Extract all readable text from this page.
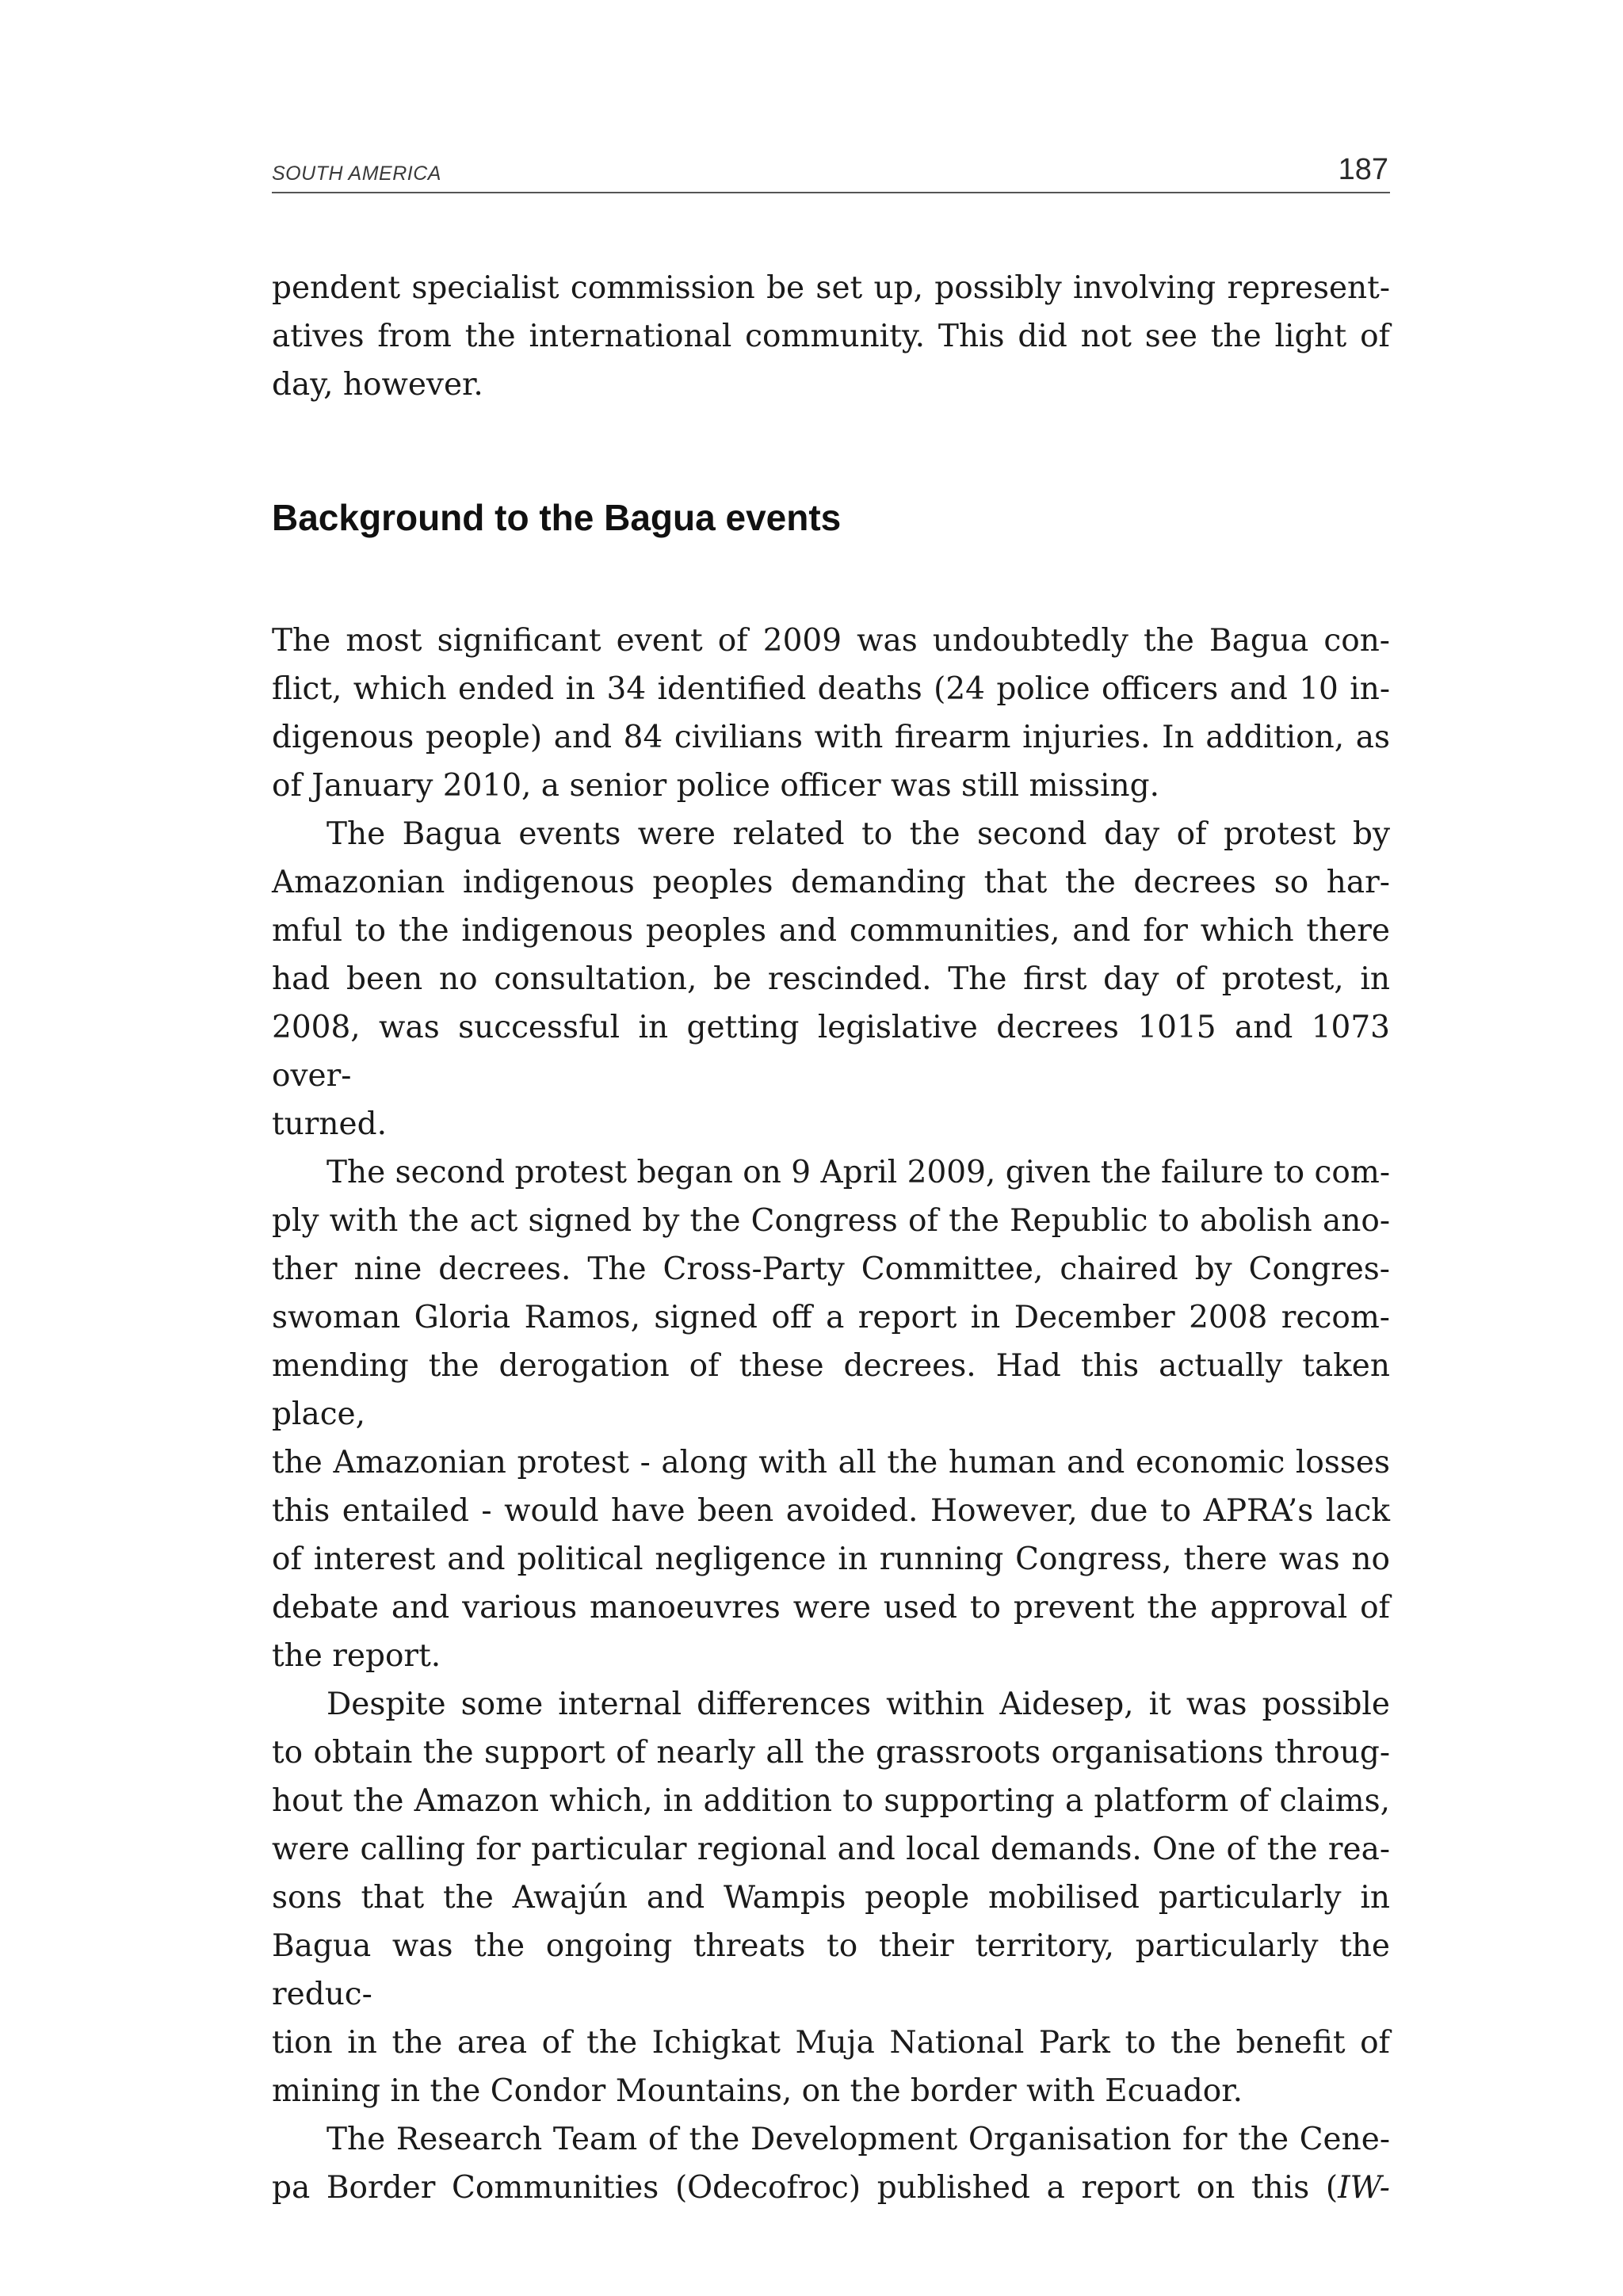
SOUTH AMERICA	187

pendent specialist commission be set up, possibly involving represent-
atives from the international community. This did not see the light of
day, however.

Background to the Bagua events

The most significant event of 2009 was undoubtedly the Bagua con-
flict, which ended in 34 identified deaths (24 police officers and 10 in-
digenous people) and 84 civilians with firearm injuries. In addition, as
of January 2010, a senior police officer was still missing.

The Bagua events were related to the second day of protest by
Amazonian indigenous peoples demanding that the decrees so har-
mful to the indigenous peoples and communities, and for which there
had been no consultation, be rescinded. The first day of protest, in
2008, was successful in getting legislative decrees 1015 and 1073 over-
turned.

The second protest began on 9 April 2009, given the failure to com-
ply with the act signed by the Congress of the Republic to abolish ano-
ther nine decrees. The Cross-Party Committee, chaired by Congres-
swoman Gloria Ramos, signed off a report in December 2008 recom-
mending the derogation of these decrees. Had this actually taken place,
the Amazonian protest - along with all the human and economic losses
this entailed - would have been avoided. However, due to APRA’s lack
of interest and political negligence in running Congress, there was no
debate and various manoeuvres were used to prevent the approval of
the report.

Despite some internal differences within Aidesep, it was possible
to obtain the support of nearly all the grassroots organisations throug-
hout the Amazon which, in addition to supporting a platform of claims,
were calling for particular regional and local demands. One of the rea-
sons that the Awajún and Wampis people mobilised particularly in
Bagua was the ongoing threats to their territory, particularly the reduc-
tion in the area of the Ichigkat Muja National Park to the benefit of
mining in the Condor Mountains, on the border with Ecuador.

The Research Team of the Development Organisation for the Cene-
pa Border Communities (Odecofroc) published a report on this (IW-
